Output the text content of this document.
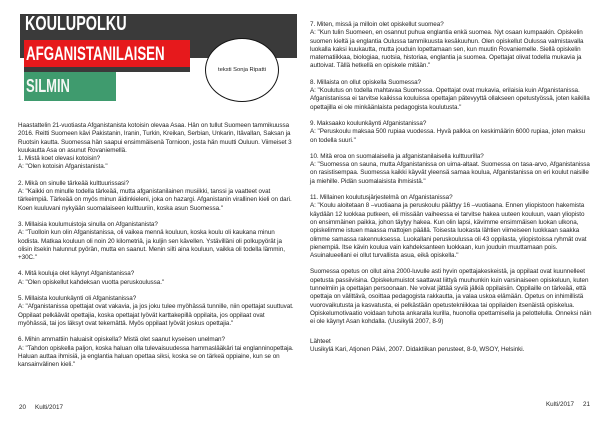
KOULUPOLKU
AFGANISTANILAISEN
SILMIN
teksti Sonja Ripatti

Haastattelin 21-vuotiasta Afganistanista kotoisin olevaa Asaa. Hän on tullut Suomeen tammikuussa 2016. Reitti Suomeen kävi Pakistanin, Iranin, Turkin, Kreikan, Serbian, Unkarin, Itävallan, Saksan ja Ruotsin kautta. Suomessa hän saapui ensimmäisenä Tornioon, josta hän muutti Ouluun. Viimeiset 3 kuukautta Asa on asunut Rovaniemellä.

1. Mistä koet olevasi kotoisin?

A: "Olen kotoisin Afganistanista."

2. Mikä on sinulle tärkeää kulttuurissasi?

A: "Kaikki on minulle todella tärkeää, mutta afganistanilainen musiikki, tanssi ja vaatteet ovat tärkeimpiä. Tärkeää on myös minun äidinkieleni, joka on hazargi. Afganistanin virallinen kieli on dari. Koen kuuluvani nykyään suomalaiseen kulttuuriin, koska asun Suomessa."

3. Millaisia koulumuistoja sinulla on Afganistanista?

A: "Tuolloin kun olin Afganistanissa, oli vaikea mennä kouluun, koska koulu oli kaukana minun kodista. Matkaa kouluun oli noin 20 kilometriä, ja kuljin sen kävellen. Ystävilläni oli polkupyörät ja olisin itsekin halunnut pyörän, mutta en saanut. Menin silti aina kouluun, vaikka oli todella lämmin, +30C."

4. Mitä kouluja olet käynyt Afganistanissa?

A: "Olen opiskellut kahdeksan vuotta peruskoulussa."

5. Millaista koulunkäynti oli Afganistanissa?

A: "Afganistanissa opettajat ovat vakavia, ja jos joku tulee myöhässä tunnille, niin opettajat suuttuvat. Oppilaat pelkäävät opettajia, koska opettajat lyövät karttakepillä oppilaita, jos oppilaat ovat myöhässä, tai jos läksyt ovat tekemättä. Myös oppilaat lyövät joskus opettajia."

6. Mihin ammattiin haluaisit opiskella? Mistä olet saanut kyseisen unelman?

A: "Tahdon opiskella paljon, koska haluan olla tulevaisuudessa hammaslääkäri tai englanninopettaja. Haluan auttaa ihmisiä, ja englantia haluan opettaa siksi, koska se on tärkeä oppiaine, kun se on kansainvälinen kieli."

20 Kulti/2017

7. Miten, missä ja milloin olet opiskellut suomea?

A: "Kun tulin Suomeen, en osannut puhua englantia enkä suomea. Nyt osaan kumpaakin. Opiskelin suomen kieltä ja englantia Oulussa tammikuusta kesäkuuhun. Olen opiskellut Oulussa valmistavalla luokalla kaksi kuukautta, mutta jouduin lopettamaan sen, kun muutin Rovaniemelle. Siellä opiskelin matematiikkaa, biologiaa, ruotsia, historiaa, englantia ja suomea. Opettajat olivat todella mukavia ja auttoivat. Tällä hetkellä en opiskele mitään."

8. Millaista on ollut opiskella Suomessa?

A: "Koulutus on todella mahtavaa Suomessa. Opettajat ovat mukavia, erilaisia kuin Afganistanissa. Afganistanissa ei tarvitse kaikissa kouluissa opettajan pätevyyttä ollakseen opetustyössä, joten kaikilla opettajilla ei ole minkäänlaista pedagogista koulutusta."

9. Maksaako koulunkäynti Afganistanissa?

A: "Peruskoulu maksaa 500 rupiaa vuodessa. Hyvä palkka on keskimäärin 6000 rupiaa, joten maksu on todella suuri."

10. Mitä eroa on suomalaisella ja afganistanilaisella kulttuurilla?

A: "Suomessa on sauna, mutta Afganistanissa on uima-altaat. Suomessa on tasa-arvo, Afganistanissa on rasistisempaa. Suomessa kaikki käyvät yleensä samaa koulua, Afganistanissa on eri koulut naisille ja miehille. Pidän suomalaisista ihmisistä."

11. Millainen koulutusjärjestelmä on Afganistanissa?

A: "Koulu aloitetaan 8 –vuotiaana ja peruskoulu päättyy 16 –vuotiaana. Ennen yliopistoon hakemista käydään 12 luokkaa putkeen, eli missään vaiheessa ei tarvitse hakea uuteen kouluun, vaan yliopisto on ensimmäinen paikka, johon täytyy hakea. Kun olin lapsi, kävimme ensimmäisen luokan ulkona, opiskelimme istuen maassa mattojen päällä. Toisesta luokasta lähtien viimeiseen luokkaan saakka olimme samassa rakennuksessa. Luokallani peruskoulussa oli 43 oppilasta, yliopistoissa ryhmät ovat pienempiä. Itse kävin koulua vain kahdeksanteen luokkaan, kun jouduin muuttamaan pois. Asuinalueellani ei ollut turvallista asua, eikä opiskella."

Suomessa opetus on ollut aina 2000-luvulle asti hyvin opettajakeskeistä, ja oppilaat ovat kuunnelleet opetusta passiivisina. Opiskelumuistot saattavat liittyä muuhunkin kuin varsinaiseen opiskeluun, kuten tunnelmiin ja opettajan persoonaan. Ne voivat jättää syviä jälkiä oppilaisiin. Oppilaille on tärkeää, että opettaja on välittävä, osoittaa pedagogista rakkautta, ja valaa uskoa elämään. Opetus on inhimillistä vuorovaikutusta ja kasvatusta, ei pelkästään opetustekniikkaa tai oppilaiden itsenäistä opiskelua. Opiskelumotivaatio voidaan tuhota ankaralla kurilla, huonolla opettamisella ja pelottelulla. Onneksi näin ei ole käynyt Asan kohdalla. (Uusikylä 2007, 8-9)

Lähteet

Uusikylä Kari, Atjonen Päivi, 2007. Didaktiikan perusteet, 8-9, WSOY, Helsinki.

Kulti/2017 21
